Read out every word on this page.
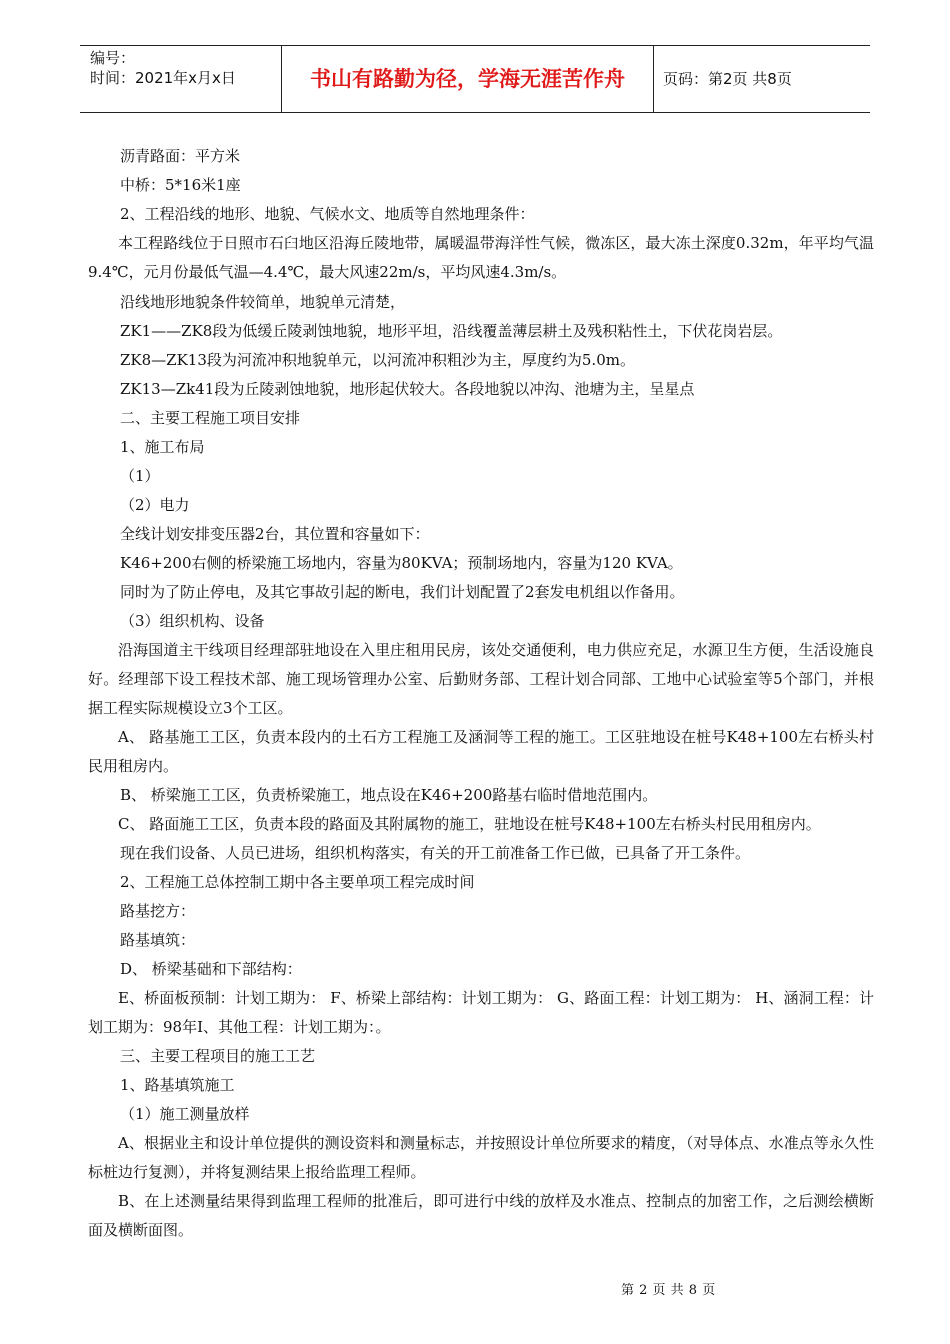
编号：
时间：2021年x月x日	书山有路勤为径，学海无涯苦作舟	页码：第2页 共8页

沥青路面：平方米

中桥：5*16米1座

2、工程沿线的地形、地貌、气候水文、地质等自然地理条件：

本工程路线位于日照市石臼地区沿海丘陵地带，属暖温带海洋性气候，微冻区，最大冻土深度0.32m，年平均气温9.4℃，元月份最低气温—4.4℃，最大风速22m/s，平均风速4.3m/s。

沿线地形地貌条件较简单，地貌单元清楚，

ZK1——ZK8段为低缓丘陵剥蚀地貌，地形平坦，沿线覆盖薄层耕土及残积粘性土，下伏花岗岩层。

ZK8—ZK13段为河流冲积地貌单元，以河流冲积粗沙为主，厚度约为5.0m。

ZK13—Zk41段为丘陵剥蚀地貌，地形起伏较大。各段地貌以冲沟、池塘为主，呈星点

二、主要工程施工项目安排

1、施工布局

（1）

（2）电力

全线计划安排变压器2台，其位置和容量如下：

K46+200右侧的桥梁施工场地内，容量为80KVA；预制场地内，容量为120 KVA。

同时为了防止停电，及其它事故引起的断电，我们计划配置了2套发电机组以作备用。

（3）组织机构、设备

沿海国道主干线项目经理部驻地设在入里庄租用民房，该处交通便利，电力供应充足，水源卫生方便，生活设施良好。经理部下设工程技术部、施工现场管理办公室、后勤财务部、工程计划合同部、工地中心试验室等5个部门，并根据工程实际规模设立3个工区。

A、 路基施工工区，负责本段内的土石方工程施工及涵洞等工程的施工。工区驻地设在桩号K48+100左右桥头村民用租房内。

B、 桥梁施工工区，负责桥梁施工，地点设在K46+200路基右临时借地范围内。

C、 路面施工工区，负责本段的路面及其附属物的施工，驻地设在桩号K48+100左右桥头村民用租房内。

现在我们设备、人员已进场，组织机构落实，有关的开工前准备工作已做，已具备了开工条件。

2、工程施工总体控制工期中各主要单项工程完成时间

路基挖方：

路基填筑：

D、 桥梁基础和下部结构：

E、桥面板预制：计划工期为： F、桥梁上部结构：计划工期为： G、路面工程：计划工期为： H、涵洞工程：计划工期为：98年I、其他工程：计划工期为：。

三、主要工程项目的施工工艺

1、路基填筑施工

（1）施工测量放样

A、根据业主和设计单位提供的测设资料和测量标志，并按照设计单位所要求的精度，（对导体点、水准点等永久性标桩边行复测），并将复测结果上报给监理工程师。

B、在上述测量结果得到监理工程师的批准后，即可进行中线的放样及水准点、控制点的加密工作，之后测绘横断面及横断面图。

第 2 页 共 8 页
